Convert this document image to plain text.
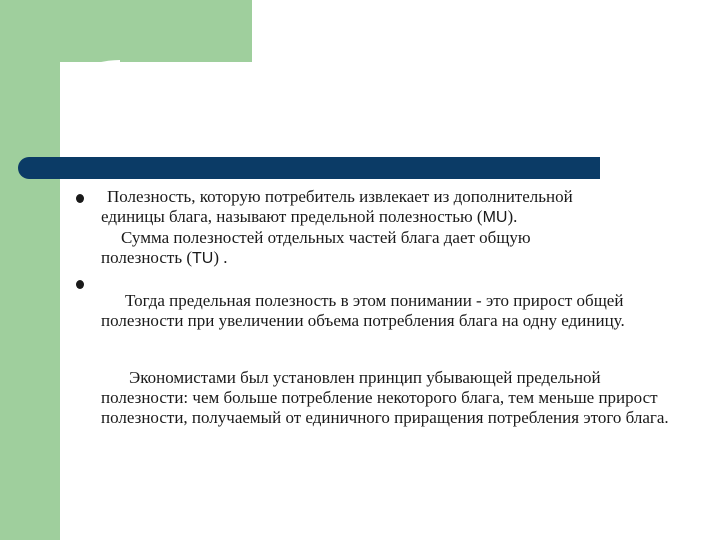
Полезность, которую потребитель извлекает из дополнительной
единицы блага, называют предельной полезностью (MU).
Сумма полезностей отдельных частей блага дает общую
полезность (TU) .
Тогда предельная полезность в этом понимании - это прирост общей полезности при увеличении объема потребления блага на одну единицу.
Экономистами был установлен принцип убывающей предельной полезности: чем больше потребление некоторого блага, тем меньше прирост полезности, получаемый от единичного приращения потребления этого блага.
